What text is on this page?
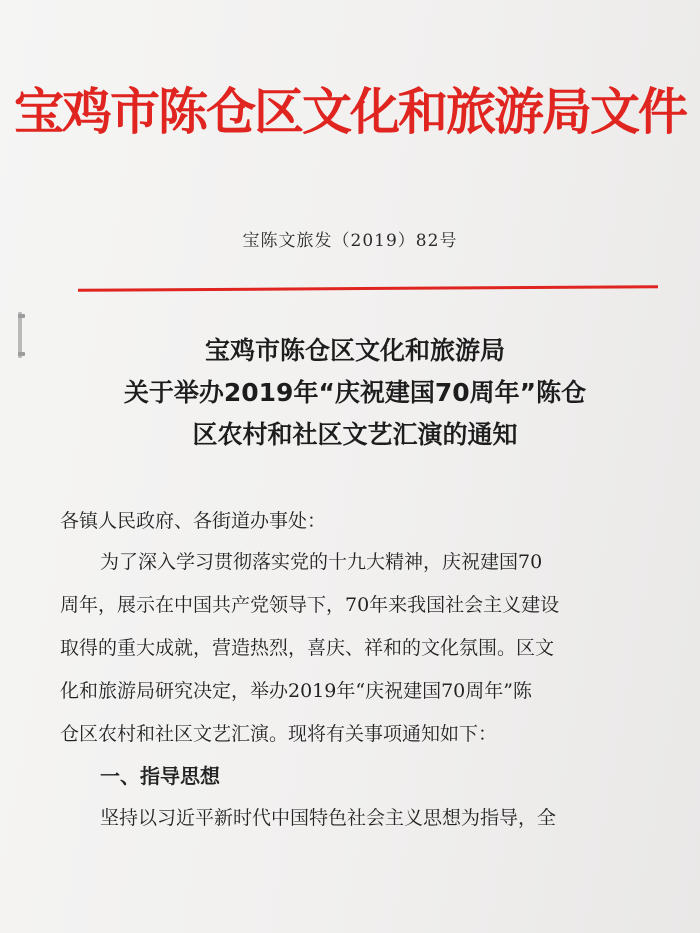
宝鸡市陈仓区文化和旅游局文件
宝陈文旅发（2019）82号
宝鸡市陈仓区文化和旅游局
关于举办2019年“庆祝建国70周年”陈仓
区农村和社区文艺汇演的通知
各镇人民政府、各街道办事处：
为了深入学习贯彻落实党的十九大精神，庆祝建国70
周年，展示在中国共产党领导下，70年来我国社会主义建设
取得的重大成就，营造热烈，喜庆、祥和的文化氛围。区文
化和旅游局研究决定，举办2019年“庆祝建国70周年”陈
仓区农村和社区文艺汇演。现将有关事项通知如下：
一、指导思想
坚持以习近平新时代中国特色社会主义思想为指导，全
